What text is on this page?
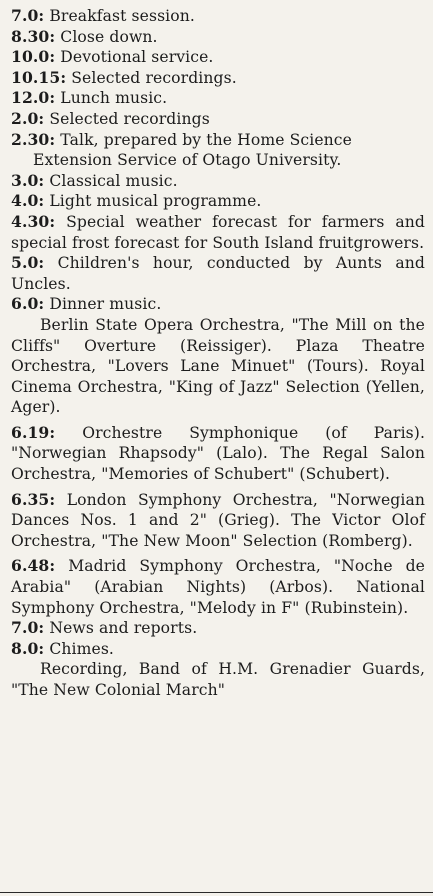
7.0: Breakfast session.
8.30: Close down.
10.0: Devotional service.
10.15: Selected recordings.
12.0: Lunch music.
2.0: Selected recordings
2.30: Talk, prepared by the Home Science
Extension Service of Otago University.
3.0: Classical music.
4.0: Light musical programme.
4.30: Special weather forecast for farmers and special frost forecast for South Island fruitgrowers.
5.0: Children's hour, conducted by Aunts and Uncles.
6.0: Dinner music.
Berlin State Opera Orchestra, "The Mill on the Cliffs" Overture (Reissiger). Plaza Theatre Orchestra, "Lovers Lane Minuet" (Tours). Royal Cinema Orchestra, "King of Jazz" Selection (Yellen, Ager).
6.19: Orchestre Symphonique (of Paris). "Norwegian Rhapsody" (Lalo). The Regal Salon Orchestra, "Memories of Schubert" (Schubert).
6.35: London Symphony Orchestra, "Norwegian Dances Nos. 1 and 2" (Grieg). The Victor Olof Orchestra, "The New Moon" Selection (Romberg).
6.48: Madrid Symphony Orchestra, "Noche de Arabia" (Arabian Nights) (Arbos). National Symphony Orchestra, "Melody in F" (Rubinstein).
7.0: News and reports.
8.0: Chimes.
Recording, Band of H.M. Grenadier Guards, "The New Colonial March"
